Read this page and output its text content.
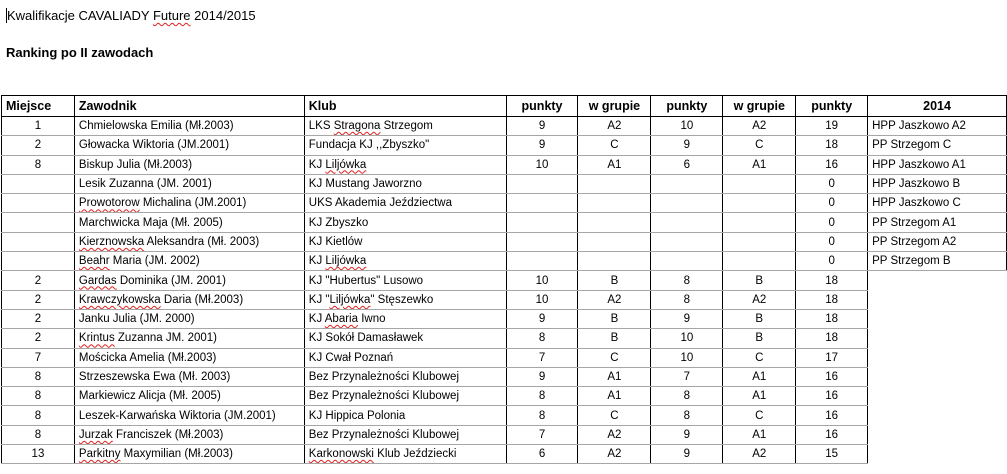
Kwalifikacje CAVALIADY Future 2014/2015
Ranking po II zawodach
Miejsce	Zawodnik	Klub	punkty	w grupie	punkty	w grupie	punkty	2014
1	Chmielowska Emilia (Mł.2003)	LKS Stragona Strzegom	9	A2	10	A2	19	HPP Jaszkowo A2
2	Głowacka Wiktoria (JM.2001)	Fundacja KJ ,,Zbyszko"	9	C	9	C	18	PP Strzegom C
8	Biskup Julia (Mł.2003)	KJ Liljówka	10	A1	6	A1	16	HPP Jaszkowo A1
	Lesik Zuzanna (JM. 2001)	KJ Mustang Jaworzno					0	HPP Jaszkowo B
	Prowotorow Michalina (JM.2001)	UKS Akademia Jeździectwa					0	HPP Jaszkowo C
	Marchwicka Maja (Mł. 2005)	KJ Zbyszko					0	PP Strzegom A1
	Kierznowska Aleksandra (Mł. 2003)	KJ Kietlów					0	PP Strzegom A2
	Beahr Maria (JM. 2002)	KJ Liljówka					0	PP Strzegom B
2	Gardas Dominika (JM. 2001)	KJ "Hubertus" Lusowo	10	B	8	B	18	
2	Krawczykowska Daria (Mł.2003)	KJ "Liljówka" Stęszewko	10	A2	8	A2	18	
2	Janku Julia (JM. 2000)	KJ Abaria Iwno	9	B	9	B	18	
2	Krintus Zuzanna JM. 2001)	KJ Sokół Damasławek	8	B	10	B	18	
7	Mościcka Amelia (Mł.2003)	KJ Cwał Poznań	7	C	10	C	17	
8	Strzeszewska Ewa (Mł. 2003)	Bez Przynależności Klubowej	9	A1	7	A1	16	
8	Markiewicz Alicja (Mł. 2005)	Bez Przynależności Klubowej	8	A1	8	A1	16	
8	Leszek-Karwańska Wiktoria (JM.2001)	KJ Hippica Polonia	8	C	8	C	16	
8	Jurzak Franciszek (Mł.2003)	Bez Przynależności Klubowej	7	A2	9	A1	16	
13	Parkitny Maxymilian (Mł.2003)	Karkonowski Klub Jeździecki	6	A2	9	A2	15	
